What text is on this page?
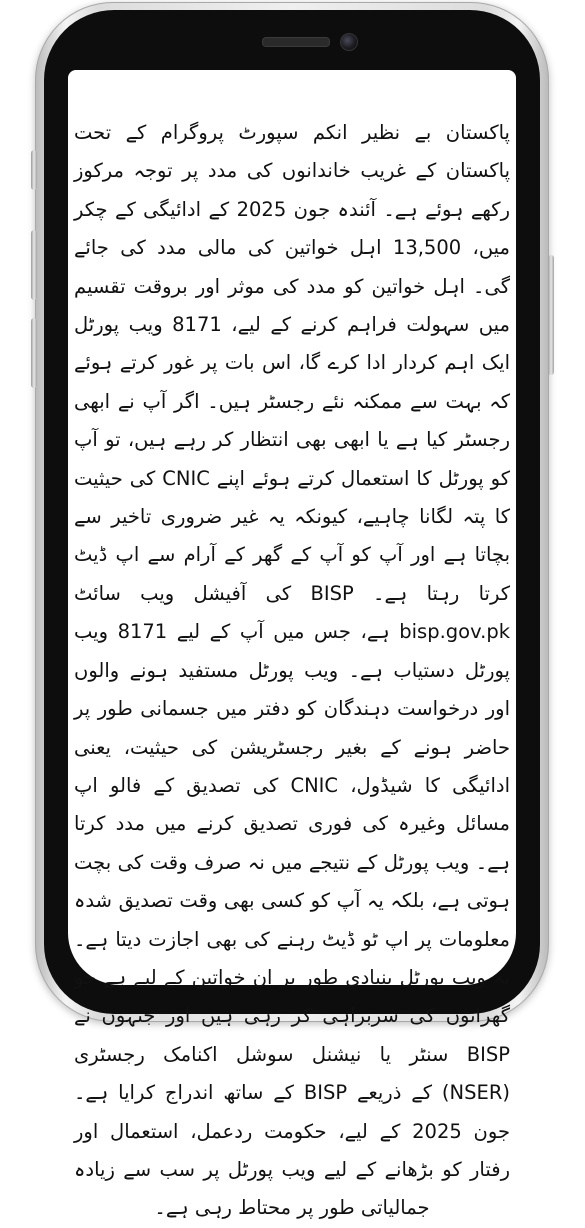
پاکستان بے نظیر انکم سپورٹ پروگرام کے تحت پاکستان کے غریب خاندانوں کی مدد پر توجہ مرکوز رکھے ہوئے ہے۔ آئندہ جون 2025 کے ادائیگی کے چکر میں، 13,500 اہل خواتین کی مالی مدد کی جائے گی۔ اہل خواتین کو مدد کی موثر اور بروقت تقسیم میں سہولت فراہم کرنے کے لیے، 8171 ویب پورٹل ایک اہم کردار ادا کرے گا، اس بات پر غور کرتے ہوئے کہ بہت سے ممکنہ نئے رجسٹر ہیں۔ اگر آپ نے ابھی رجسٹر کیا ہے یا ابھی بھی انتظار کر رہے ہیں، تو آپ کو پورٹل کا استعمال کرتے ہوئے اپنے CNIC کی حیثیت کا پتہ لگانا چاہیے، کیونکہ یہ غیر ضروری تاخیر سے بچاتا ہے اور آپ کو آپ کے گھر کے آرام سے اپ ڈیٹ کرتا رہتا ہے۔ BISP کی آفیشل ویب سائٹ bisp.gov.pk ہے، جس میں آپ کے لیے 8171 ویب پورٹل دستیاب ہے۔ ویب پورٹل مستفید ہونے والوں اور درخواست دہندگان کو دفتر میں جسمانی طور پر حاضر ہونے کے بغیر رجسٹریشن کی حیثیت، یعنی ادائیگی کا شیڈول، CNIC کی تصدیق کے فالو اپ مسائل وغیرہ کی فوری تصدیق کرنے میں مدد کرتا ہے۔ ویب پورٹل کے نتیجے میں نہ صرف وقت کی بچت ہوتی ہے، بلکہ یہ آپ کو کسی بھی وقت تصدیق شدہ معلومات پر اپ ٹو ڈیٹ رہنے کی بھی اجازت دیتا ہے۔ یہ ویب پورٹل بنیادی طور پر ان خواتین کے لیے ہے جو گھرانوں کی سربراہی کر رہی ہیں اور جنہوں نے BISP سنٹر یا نیشنل سوشل اکنامک رجسٹری (NSER) کے ذریعے BISP کے ساتھ اندراج کرایا ہے۔ جون 2025 کے لیے، حکومت ردعمل، استعمال اور رفتار کو بڑھانے کے لیے ویب پورٹل پر سب سے زیادہ جمالیاتی طور پر محتاط رہی ہے۔
